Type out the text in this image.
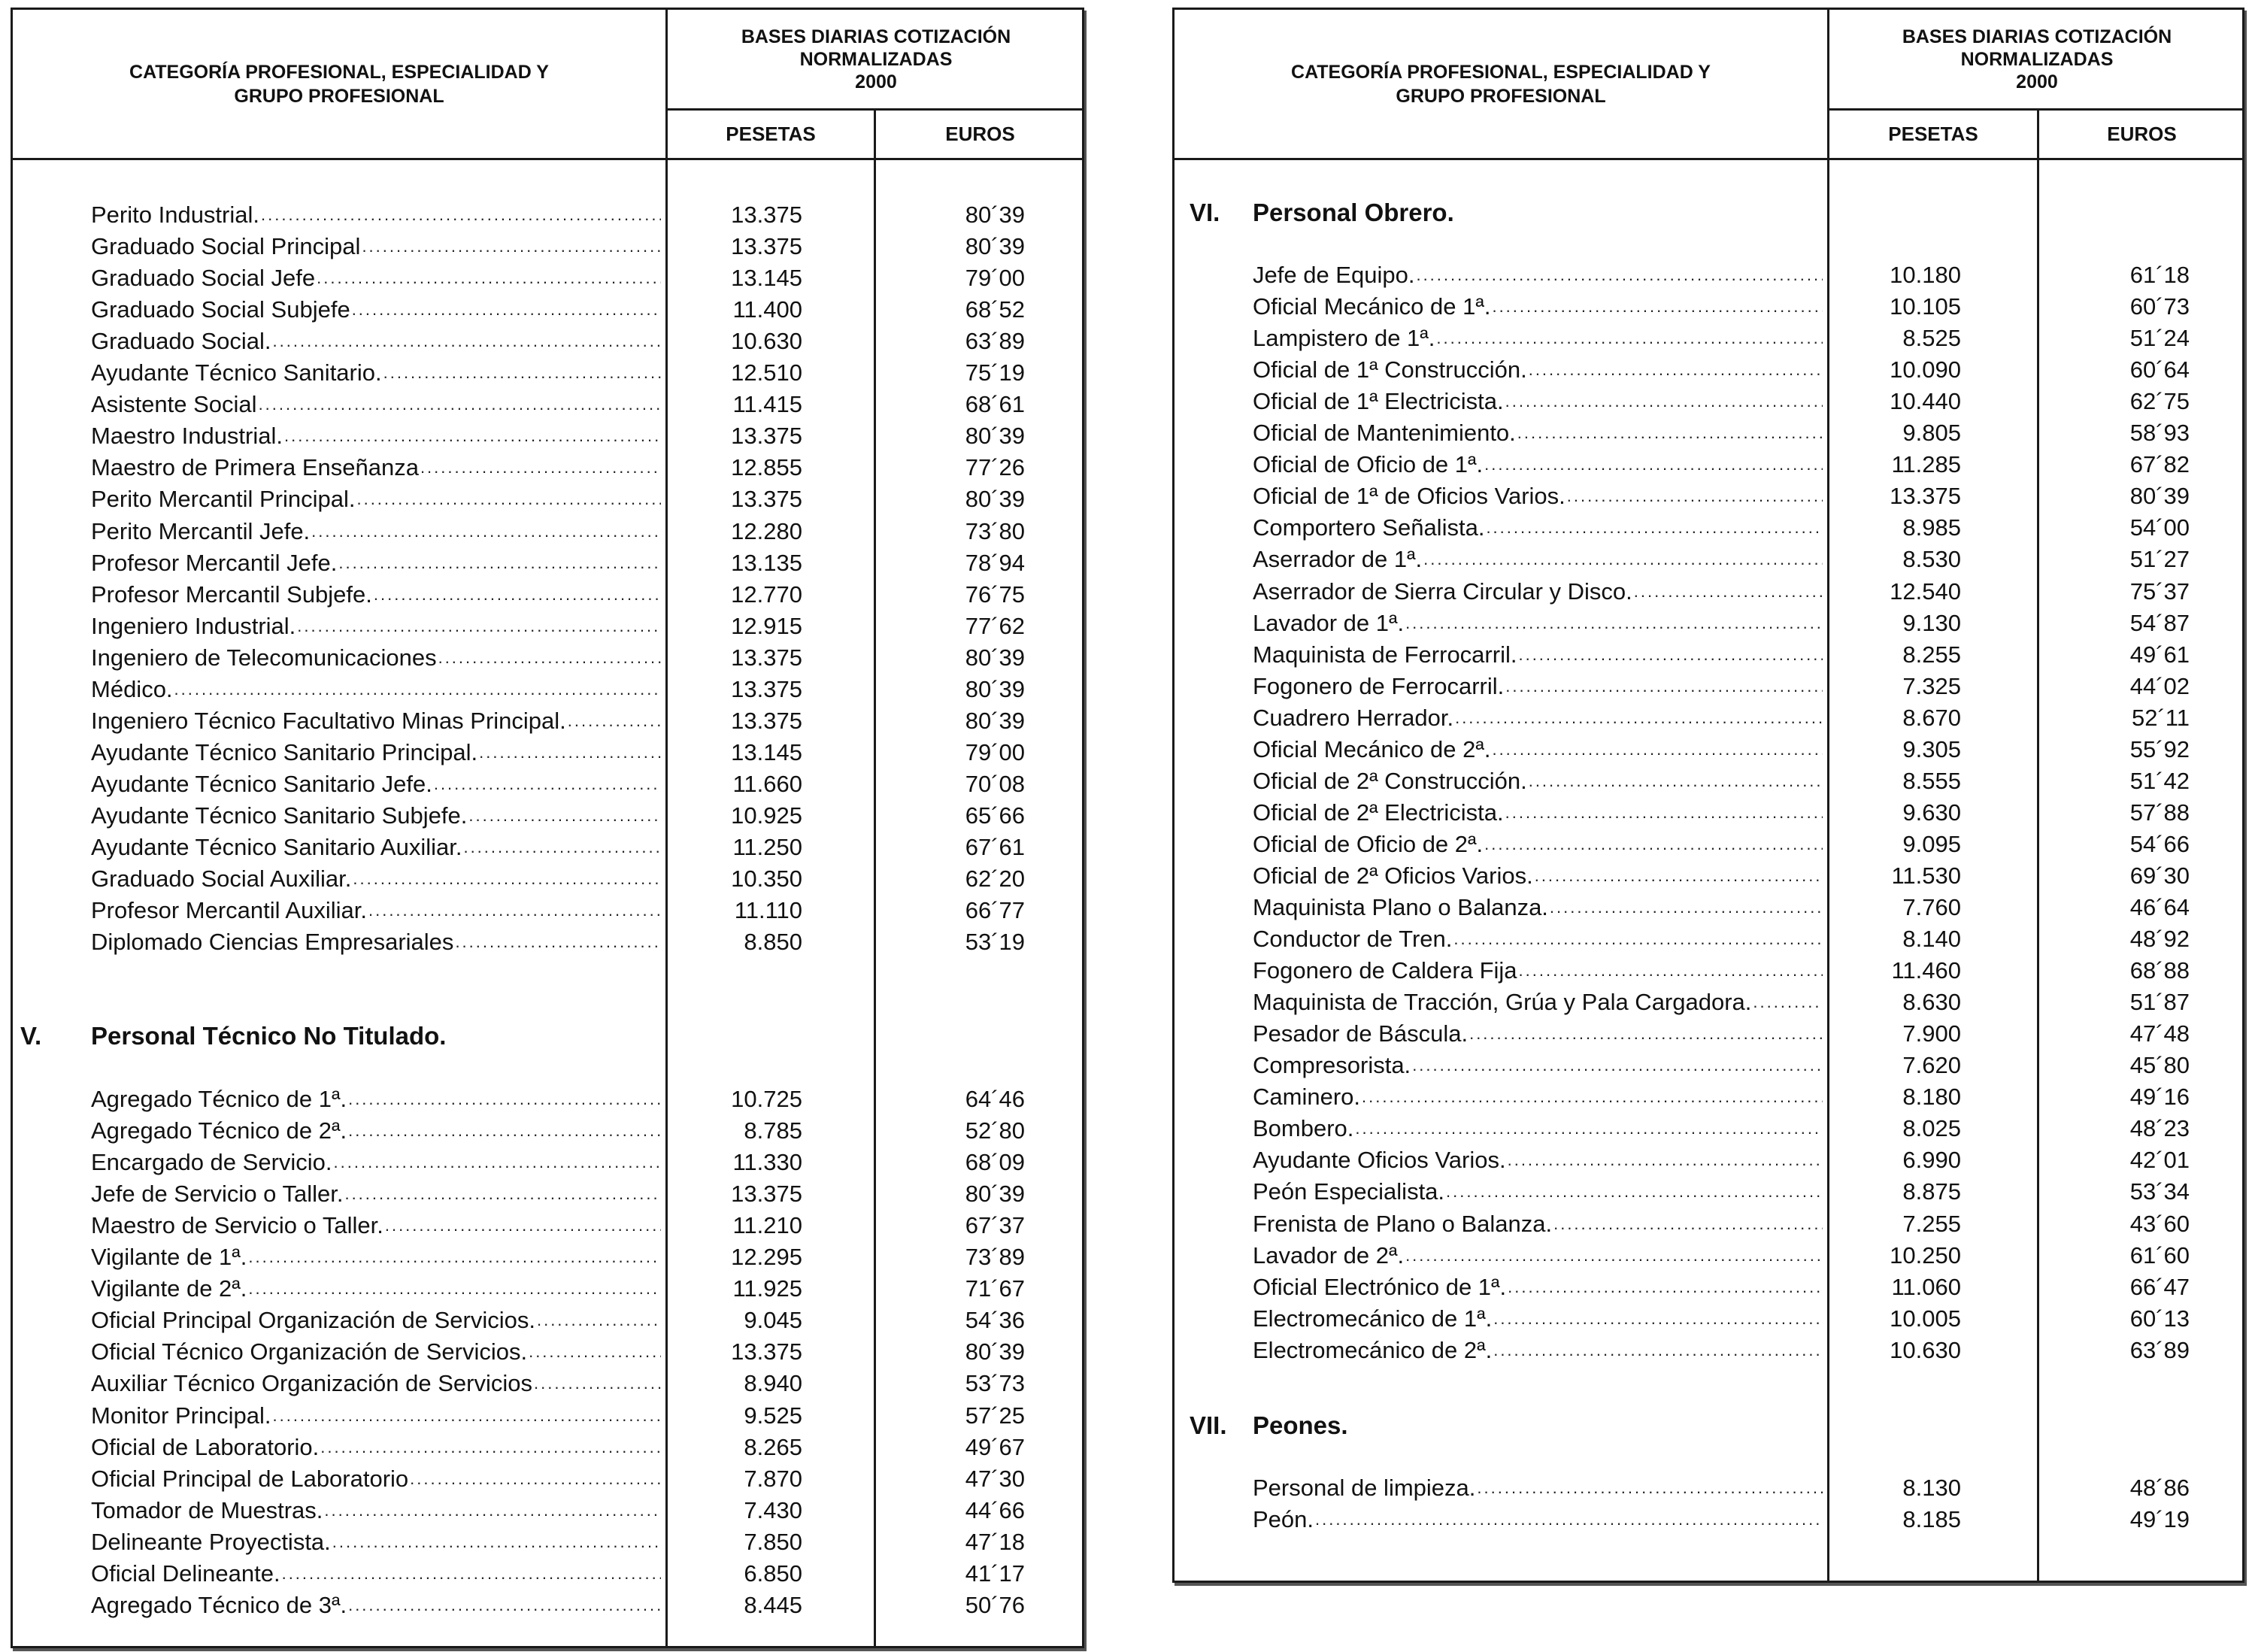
CATEGORÍA PROFESIONAL, ESPECIALIDAD Y
GRUPO PROFESIONAL
BASES DIARIAS COTIZACIÓN
NORMALIZADAS
2000
PESETAS	EUROS
Perito Industrial. .....	13.375	80´39
Graduado Social Principal .....	13.375	80´39
Graduado Social Jefe .....	13.145	79´00
Graduado Social Subjefe .....	11.400	68´52
Graduado Social. .....	10.630	63´89
Ayudante Técnico Sanitario. .....	12.510	75´19
Asistente Social .....	11.415	68´61
Maestro Industrial. .....	13.375	80´39
Maestro de Primera Enseñanza .....	12.855	77´26
Perito Mercantil Principal. .....	13.375	80´39
Perito Mercantil Jefe. .....	12.280	73´80
Profesor Mercantil Jefe. .....	13.135	78´94
Profesor Mercantil Subjefe. .....	12.770	76´75
Ingeniero Industrial. .....	12.915	77´62
Ingeniero de Telecomunicaciones .....	13.375	80´39
Médico. .....	13.375	80´39
Ingeniero Técnico Facultativo Minas Principal. .....	13.375	80´39
Ayudante Técnico Sanitario Principal. .....	13.145	79´00
Ayudante Técnico Sanitario Jefe. .....	11.660	70´08
Ayudante Técnico Sanitario Subjefe. .....	10.925	65´66
Ayudante Técnico Sanitario Auxiliar. .....	11.250	67´61
Graduado Social Auxiliar. .....	10.350	62´20
Profesor Mercantil Auxiliar. .....	11.110	66´77
Diplomado Ciencias Empresariales .....	8.850	53´19
V. Personal Técnico No Titulado.
Agregado Técnico de 1ª. .....	10.725	64´46
Agregado Técnico de 2ª. .....	8.785	52´80
Encargado de Servicio. .....	11.330	68´09
Jefe de Servicio o Taller. .....	13.375	80´39
Maestro de Servicio o Taller. .....	11.210	67´37
Vigilante de 1ª. .....	12.295	73´89
Vigilante de 2ª. .....	11.925	71´67
Oficial Principal Organización de Servicios. .....	9.045	54´36
Oficial Técnico Organización de Servicios. .....	13.375	80´39
Auxiliar Técnico Organización de Servicios .....	8.940	53´73
Monitor Principal. .....	9.525	57´25
Oficial de Laboratorio. .....	8.265	49´67
Oficial Principal de Laboratorio .....	7.870	47´30
Tomador de Muestras. .....	7.430	44´66
Delineante Proyectista. .....	7.850	47´18
Oficial Delineante. .....	6.850	41´17
Agregado Técnico de 3ª. .....	8.445	50´76
CATEGORÍA PROFESIONAL, ESPECIALIDAD Y
GRUPO PROFESIONAL
BASES DIARIAS COTIZACIÓN
NORMALIZADAS
2000
PESETAS	EUROS
VI. Personal Obrero.
Jefe de Equipo. .....	10.180	61´18
Oficial Mecánico de 1ª. .....	10.105	60´73
Lampistero de 1ª. .....	8.525	51´24
Oficial de 1ª Construcción. .....	10.090	60´64
Oficial de 1ª Electricista. .....	10.440	62´75
Oficial de Mantenimiento. .....	9.805	58´93
Oficial de Oficio de 1ª. .....	11.285	67´82
Oficial de 1ª de Oficios Varios. .....	13.375	80´39
Comportero Señalista. .....	8.985	54´00
Aserrador de 1ª. .....	8.530	51´27
Aserrador de Sierra Circular y Disco. .....	12.540	75´37
Lavador de 1ª. .....	9.130	54´87
Maquinista de Ferrocarril. .....	8.255	49´61
Fogonero de Ferrocarril. .....	7.325	44´02
Cuadrero Herrador. .....	8.670	52´11
Oficial Mecánico de 2ª. .....	9.305	55´92
Oficial de 2ª Construcción. .....	8.555	51´42
Oficial de 2ª Electricista. .....	9.630	57´88
Oficial de Oficio de 2ª. .....	9.095	54´66
Oficial de 2ª Oficios Varios. .....	11.530	69´30
Maquinista Plano o Balanza. .....	7.760	46´64
Conductor de Tren. .....	8.140	48´92
Fogonero de Caldera Fija .....	11.460	68´88
Maquinista de Tracción, Grúa y Pala Cargadora. .....	8.630	51´87
Pesador de Báscula. .....	7.900	47´48
Compresorista. .....	7.620	45´80
Caminero. .....	8.180	49´16
Bombero. .....	8.025	48´23
Ayudante Oficios Varios. .....	6.990	42´01
Peón Especialista. .....	8.875	53´34
Frenista de Plano o Balanza. .....	7.255	43´60
Lavador de 2ª. .....	10.250	61´60
Oficial Electrónico de 1ª. .....	11.060	66´47
Electromecánico de 1ª. .....	10.005	60´13
Electromecánico de 2ª. .....	10.630	63´89
VII. Peones.
Personal de limpieza. .....	8.130	48´86
Peón. .....	8.185	49´19
